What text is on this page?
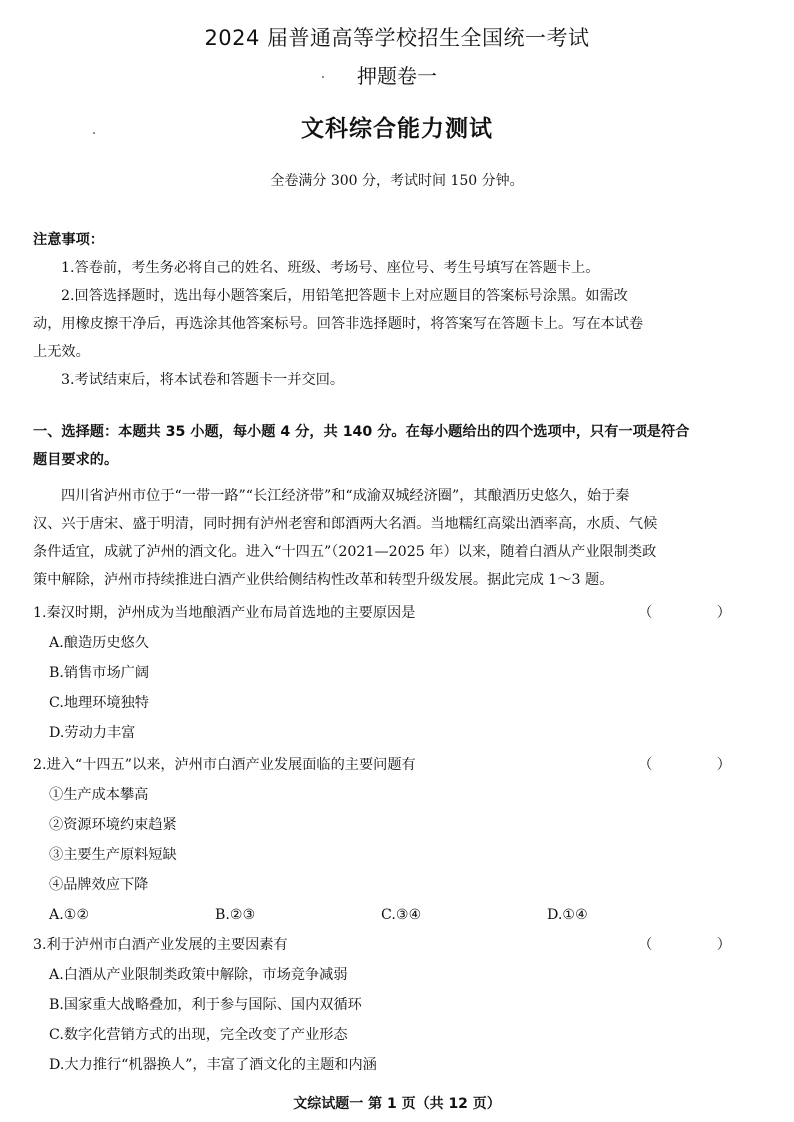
2024 届普通高等学校招生全国统一考试
押题卷一
文科综合能力测试
全卷满分 300 分，考试时间 150 分钟。
注意事项：
1.答卷前，考生务必将自己的姓名、班级、考场号、座位号、考生号填写在答题卡上。
2.回答选择题时，选出每小题答案后，用铅笔把答题卡上对应题目的答案标号涂黑。如需改
动，用橡皮擦干净后，再选涂其他答案标号。回答非选择题时，将答案写在答题卡上。写在本试卷
上无效。
3.考试结束后，将本试卷和答题卡一并交回。
一、选择题：本题共 35 小题，每小题 4 分，共 140 分。在每小题给出的四个选项中，只有一项是符合
题目要求的。
四川省泸州市位于“一带一路”“长江经济带”和“成渝双城经济圈”，其酿酒历史悠久，始于秦
汉、兴于唐宋、盛于明清，同时拥有泸州老窖和郎酒两大名酒。当地糯红高粱出酒率高，水质、气候
条件适宜，成就了泸州的酒文化。进入“十四五”（2021—2025 年）以来，随着白酒从产业限制类政
策中解除，泸州市持续推进白酒产业供给侧结构性改革和转型升级发展。据此完成 1～3 题。
1.秦汉时期，泸州成为当地酿酒产业布局首选地的主要原因是	（ ）
A.酿造历史悠久
B.销售市场广阔
C.地理环境独特
D.劳动力丰富
2.进入“十四五”以来，泸州市白酒产业发展面临的主要问题有	（ ）
①生产成本攀高
②资源环境约束趋紧
③主要生产原料短缺
④品牌效应下降
A.①②	B.②③	C.③④	D.①④
3.利于泸州市白酒产业发展的主要因素有	（ ）
A.白酒从产业限制类政策中解除，市场竞争减弱
B.国家重大战略叠加，利于参与国际、国内双循环
C.数字化营销方式的出现，完全改变了产业形态
D.大力推行“机器换人”，丰富了酒文化的主题和内涵
文综试题一 第 1 页（共 12 页）
